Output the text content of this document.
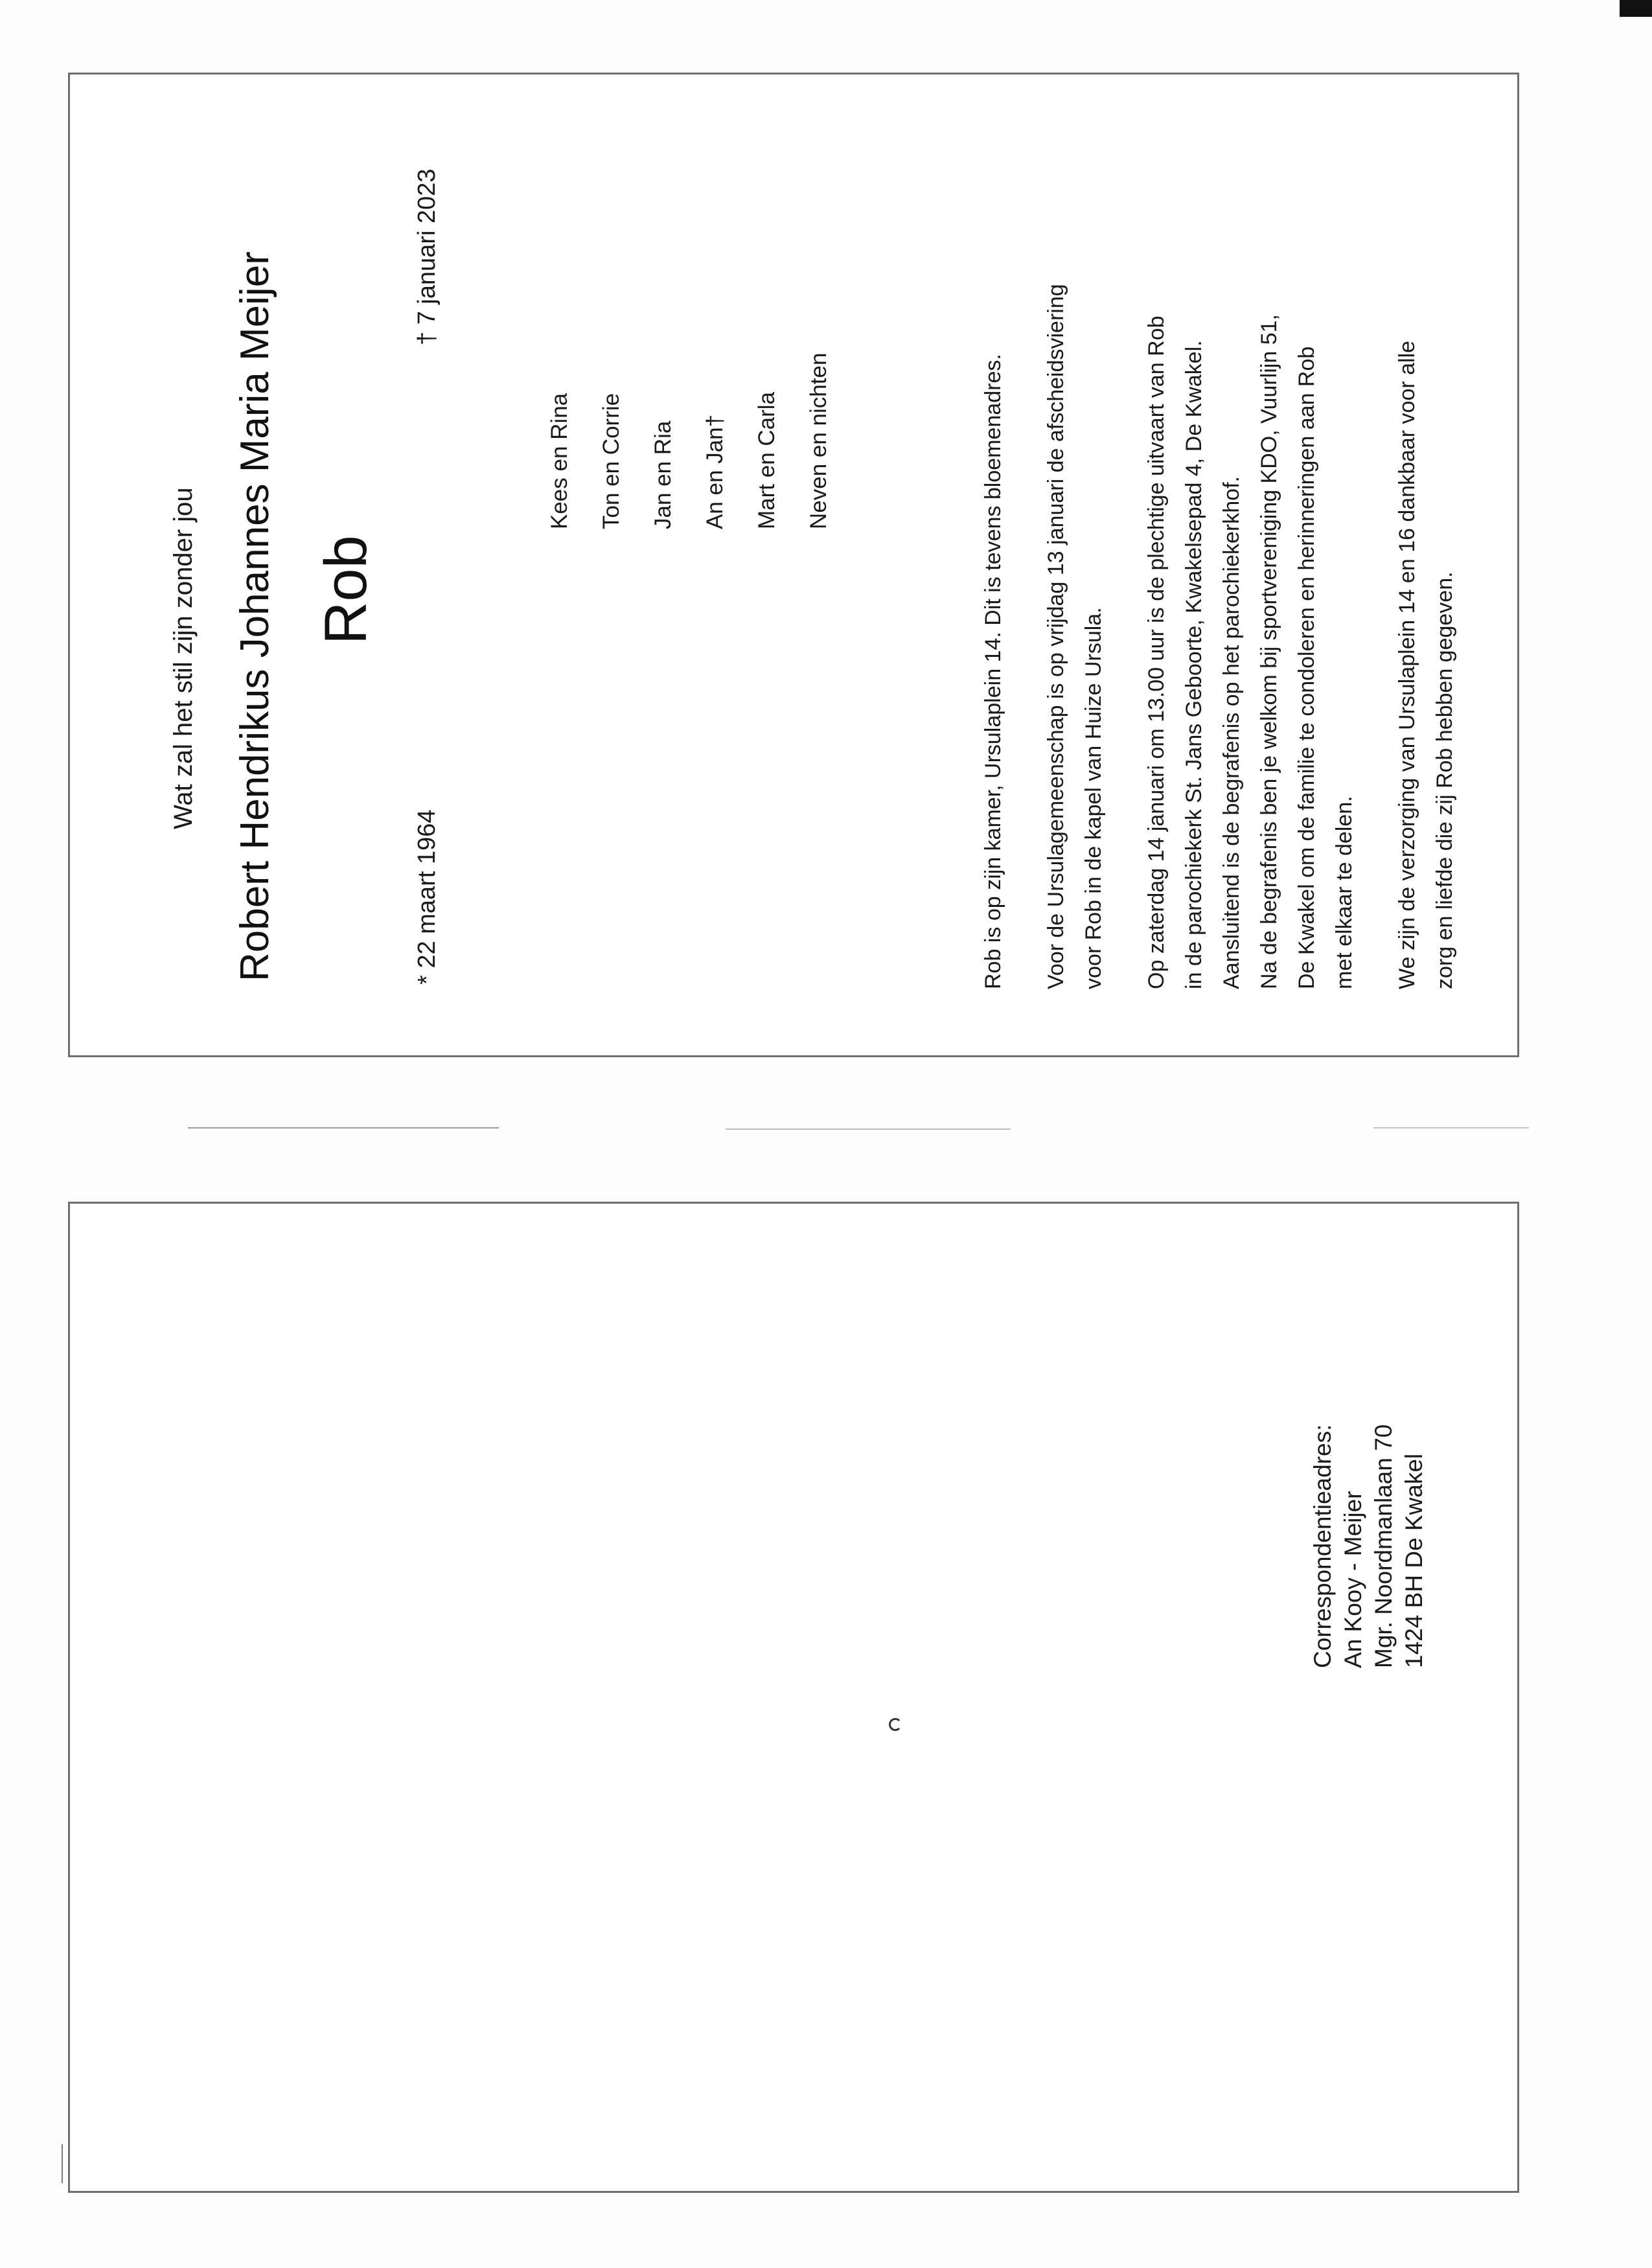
Wat zal het stil zijn zonder jou Robert Hendrikus Johannes Maria Meijer Rob
* 22 maart 1964
† 7 januari 2023
Kees en Rina Ton en Corrie Jan en Ria An en Jan† Mart en Carla Neven en nichten	Rob is op zijn kamer, Ursulaplein 14. Dit is tevens bloemenadres. Voor de Ursulagemeenschap is op vrijdag 13 januari de afscheidsviering voor Rob in de kapel van Huize Ursula. Op zaterdag 14 januari om 13.00 uur is de plechtige uitvaart van Rob in de parochiekerk St. Jans Geboorte, Kwakelsepad 4, De Kwakel. Aansluitend is de begrafenis op het parochiekerkhof. Na de begrafenis ben je welkom bij sportvereniging KDO, Vuurlijn 51, De Kwakel om de familie te condoleren en herinneringen aan Rob met elkaar te delen. We zijn de verzorging van Ursulaplein 14 en 16 dankbaar voor alle zorg en liefde die zij Rob hebben gegeven.
Correspondentieadres: An Kooy - Meijer Mgr. Noordmanlaan 70 1424 BH De Kwakel
